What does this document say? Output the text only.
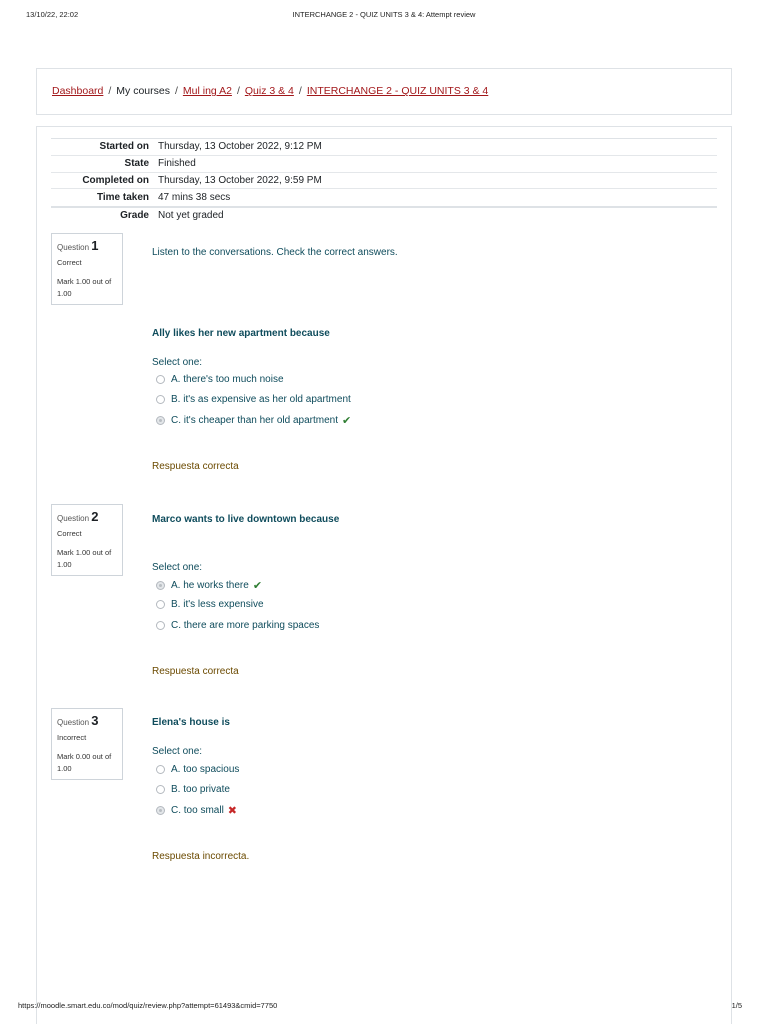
13/10/22, 22:02	INTERCHANGE 2 - QUIZ UNITS 3 & 4: Attempt review
Dashboard / My courses / Mul ing A2 / Quiz 3 & 4 / INTERCHANGE 2 - QUIZ UNITS 3 & 4
Started on Thursday, 13 October 2022, 9:12 PM
State Finished
Completed on Thursday, 13 October 2022, 9:59 PM
Time taken 47 mins 38 secs
Grade Not yet graded
Question 1
Correct
Mark 1.00 out of 1.00
Listen to the conversations. Check the correct answers.
Ally likes her new apartment because
Select one:
A. there's too much noise
B. it's as expensive as her old apartment
C. it's cheaper than her old apartment ✔
Respuesta correcta
Question 2
Correct
Mark 1.00 out of 1.00
Marco wants to live downtown because
Select one:
A. he works there ✔
B. it's less expensive
C. there are more parking spaces
Respuesta correcta
Question 3
Incorrect
Mark 0.00 out of 1.00
Elena's house is
Select one:
A. too spacious
B. too private
C. too small ✖
Respuesta incorrecta.
https://moodle.smart.edu.co/mod/quiz/review.php?attempt=61493&cmid=7750	1/5
